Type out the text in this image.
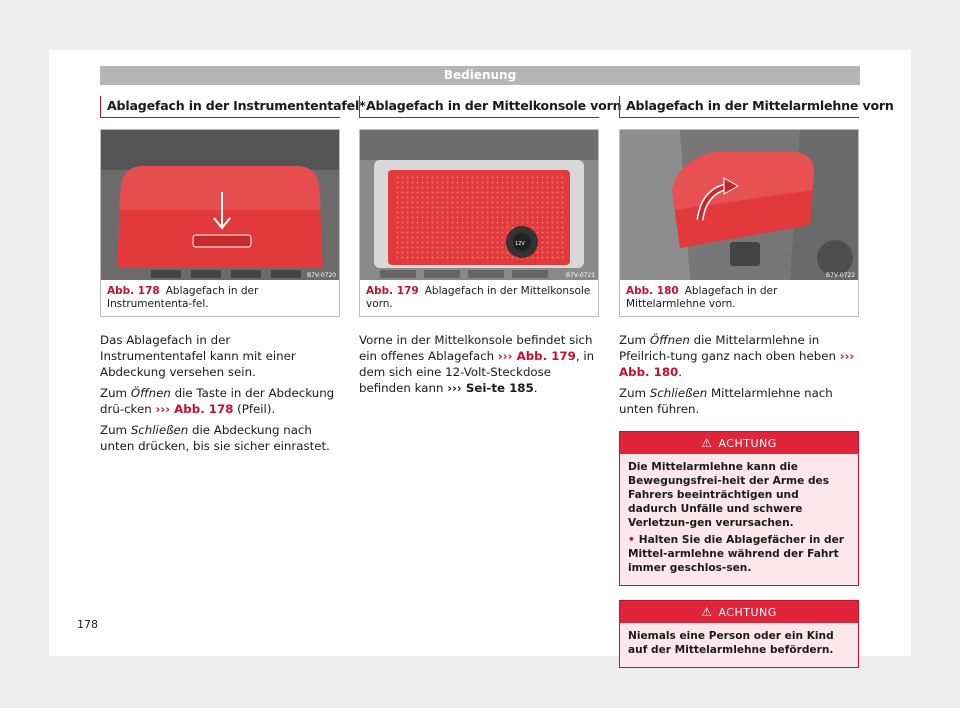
Bedienung
Ablagefach in der Instrumententafel*
B7V-0720
Abb. 178 Ablagefach in der Instrumententa-fel.

Das Ablagefach in der Instrumententafel kann mit einer Abdeckung versehen sein.

Zum Öffnen die Taste in der Abdeckung drü-cken ››› Abb. 178 (Pfeil).

Zum Schließen die Abdeckung nach unten drücken, bis sie sicher einrastet.

Ablagefach in der Mittelkonsole vorn
12V
B7V-0721
Abb. 179 Ablagefach in der Mittelkonsole vorn.

Vorne in der Mittelkonsole befindet sich ein offenes Ablagefach ››› Abb. 179, in dem sich eine 12-Volt-Steckdose befinden kann ››› Sei-te 185.

Ablagefach in der Mittelarmlehne vorn
B7V-0722
Abb. 180 Ablagefach in der Mittelarmlehne vorn.

Zum Öffnen die Mittelarmlehne in Pfeilrich-tung ganz nach oben heben ››› Abb. 180.

Zum Schließen Mittelarmlehne nach unten führen.

⚠ ACHTUNG

Die Mittelarmlehne kann die Bewegungsfrei-heit der Arme des Fahrers beeinträchtigen und dadurch Unfälle und schwere Verletzun-gen verursachen.

• Halten Sie die Ablagefächer in der Mittel-armlehne während der Fahrt immer geschlos-sen.

⚠ ACHTUNG

Niemals eine Person oder ein Kind auf der Mittelarmlehne befördern.

178
